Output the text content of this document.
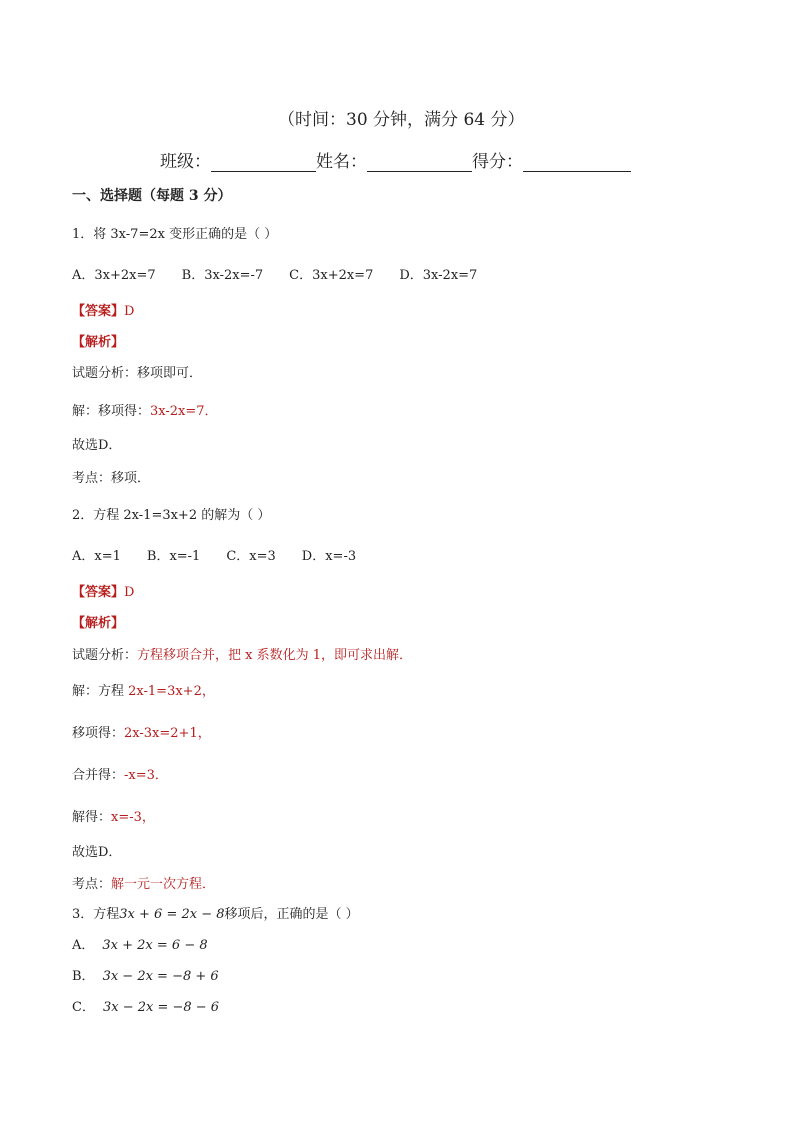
（时间：30 分钟，满分 64 分）
班级：	姓名：	得分：
一、选择题（每题 3 分）
1．将 3x-7=2x 变形正确的是（ ）
A．3x+2x=7 B．3x-2x=-7 C．3x+2x=7 D．3x-2x=7
【答案】D
【解析】
试题分析：移项即可．
解：移项得：3x-2x=7．
故选D．
考点：移项．
2．方程 2x-1=3x+2 的解为（ ）
A．x=1 B．x=-1 C．x=3 D．x=-3
【答案】D
【解析】
试题分析：方程移项合并，把 x 系数化为 1，即可求出解．
解：方程 2x-1=3x+2，
移项得：2x-3x=2+1，
合并得：-x=3．
解得：x=-3，
故选D．
考点：解一元一次方程．
3．方程3x + 6 = 2x − 8移项后，正确的是（ ）
A． 3x + 2x = 6 − 8
B． 3x − 2x = −8 + 6
C． 3x − 2x = −8 − 6
